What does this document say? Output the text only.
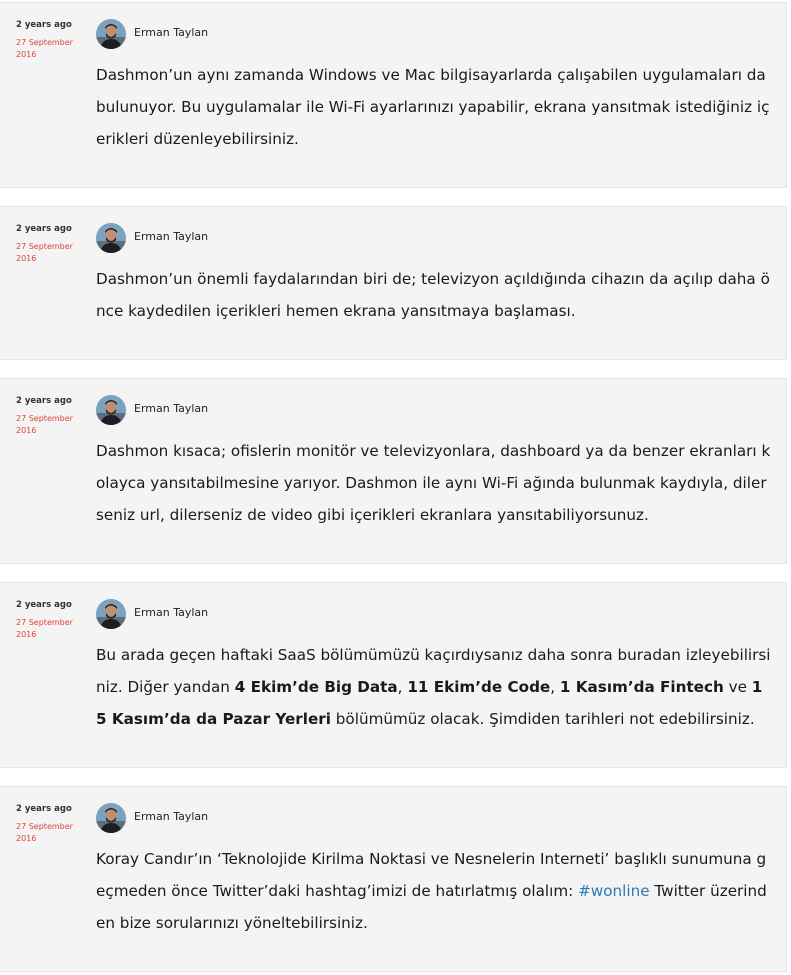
2 years ago
27 September 2016
Erman Taylan

Dashmon’un aynı zamanda Windows ve Mac bilgisayarlarda çalışabilen uygulamaları da bulunuyor. Bu uygulamalar ile Wi-Fi ayarlarınızı yapabilir, ekrana yansıtmak istediğiniz içerikleri düzenleyebilirsiniz.

2 years ago
27 September 2016
Erman Taylan

Dashmon’un önemli faydalarından biri de; televizyon açıldığında cihazın da açılıp daha önce kaydedilen içerikleri hemen ekrana yansıtmaya başlaması.

2 years ago
27 September 2016
Erman Taylan

Dashmon kısaca; ofislerin monitör ve televizyonlara, dashboard ya da benzer ekranları kolayca yansıtabilmesine yarıyor. Dashmon ile aynı Wi-Fi ağında bulunmak kaydıyla, dilerseniz url, dilerseniz de video gibi içerikleri ekranlara yansıtabiliyorsunuz.

2 years ago
27 September 2016
Erman Taylan

Bu arada geçen haftaki SaaS bölümümüzü kaçırdıysanız daha sonra buradan izleyebilirsiniz. Diğer yandan 4 Ekim’de Big Data, 11 Ekim’de Code, 1 Kasım’da Fintech ve 15 Kasım’da da Pazar Yerleri bölümümüz olacak. Şimdiden tarihleri not edebilirsiniz.

2 years ago
27 September 2016
Erman Taylan

Koray Candır’ın ‘Teknolojide Kirilma Noktasi ve Nesnelerin Interneti’ başlıklı sunumuna geçmeden önce Twitter’daki hashtag’imizi de hatırlatmış olalım: #wonline Twitter üzerinden bize sorularınızı yöneltebilirsiniz.
